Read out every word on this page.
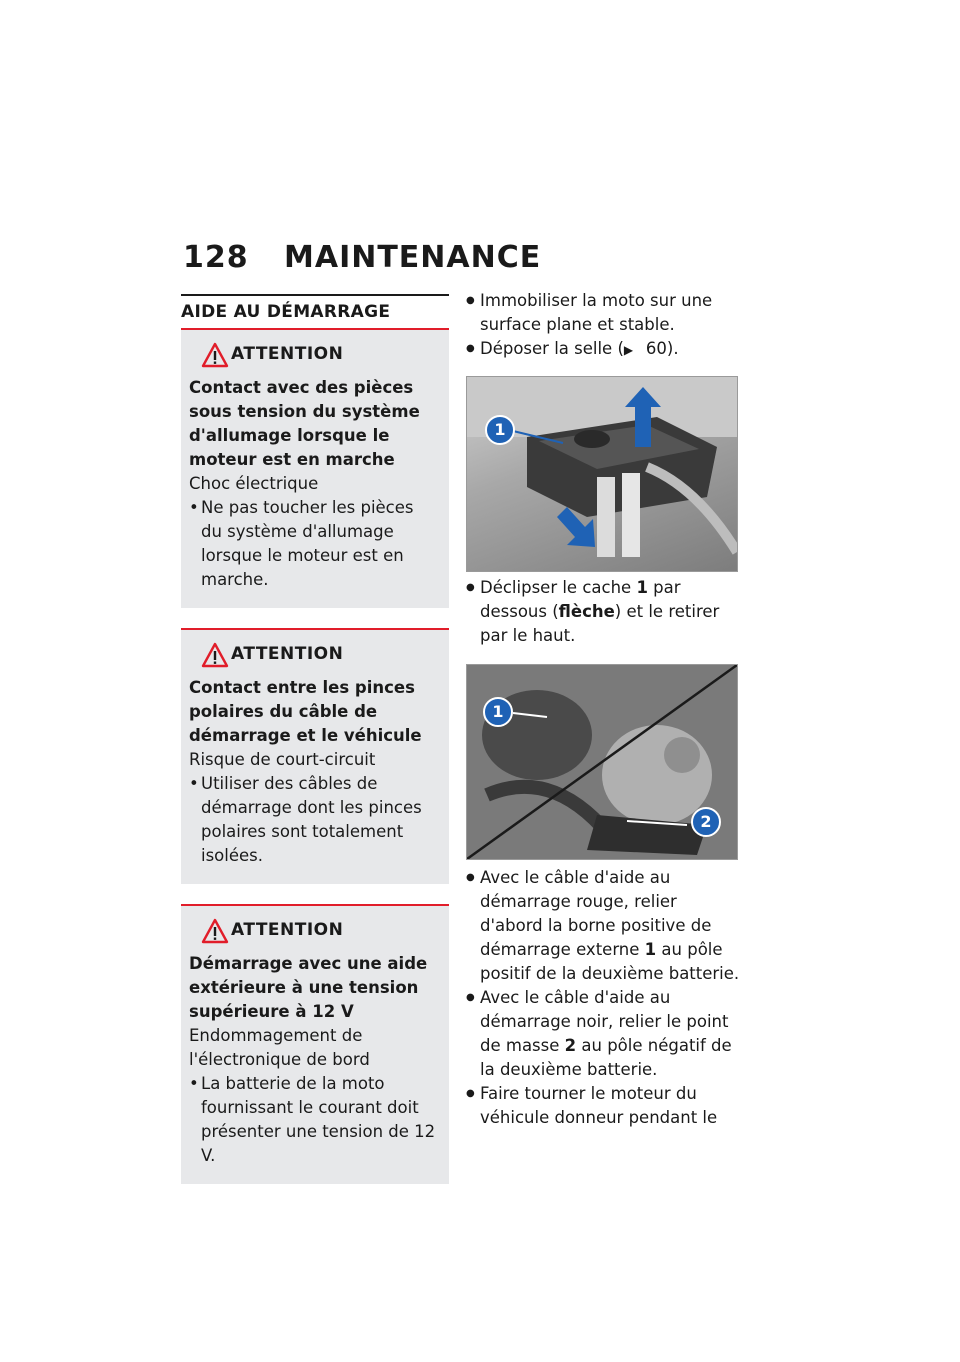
128 MAINTENANCE
AIDE AU DÉMARRAGE
ATTENTION
Contact avec des pièces sous tension du système d'allumage lorsque le moteur est en marche
Choc électrique
• Ne pas toucher les pièces du système d'allumage lorsque le moteur est en marche.
ATTENTION
Contact entre les pinces polaires du câble de démarrage et le véhicule
Risque de court-circuit
• Utiliser des câbles de démarrage dont les pinces polaires sont totalement isolées.
ATTENTION
Démarrage avec une aide extérieure à une tension supérieure à 12 V
Endommagement de l'électronique de bord
• La batterie de la moto fournissant le courant doit présenter une tension de 12 V.
● Immobiliser la moto sur une surface plane et stable.
● Déposer la selle (▶ 60).
1
● Déclipser le cache 1 par dessous (flèche) et le retirer par le haut.
1
2
● Avec le câble d'aide au démarrage rouge, relier d'abord la borne positive de démarrage externe 1 au pôle positif de la deuxième batterie.
● Avec le câble d'aide au démarrage noir, relier le point de masse 2 au pôle négatif de la deuxième batterie.
● Faire tourner le moteur du véhicule donneur pendant le
